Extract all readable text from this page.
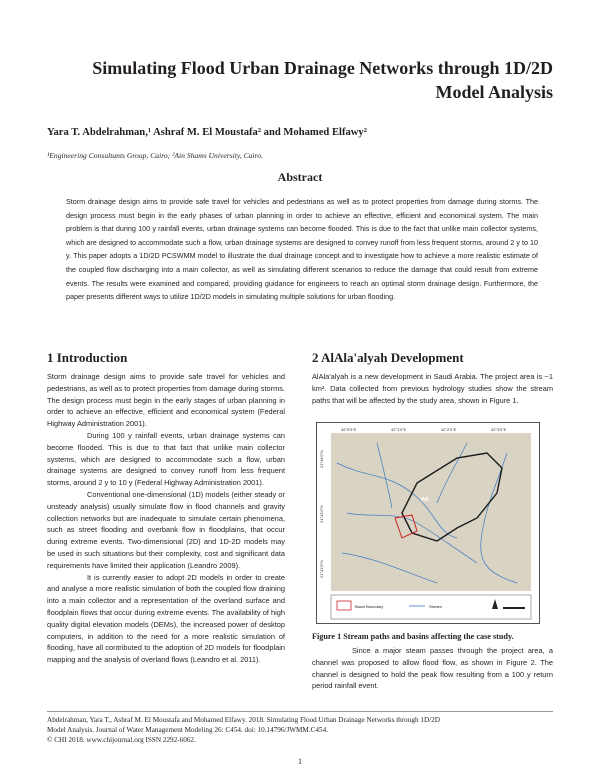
Simulating Flood Urban Drainage Networks through 1D/2D
Model Analysis
Yara T. Abdelrahman,¹ Ashraf M. El Moustafa² and Mohamed Elfawy²
¹Engineering Consultants Group, Cairo; ²Ain Shams University, Cairo.
Abstract
Storm drainage design aims to provide safe travel for vehicles and pedestrians as well as to protect properties from damage during storms. The design process must begin in the early phases of urban planning in order to achieve an effective, efficient and economical system. The main problem is that during 100 y rainfall events, urban drainage systems can become flooded. This is due to the fact that unlike main collector systems, which are designed to accommodate such a flow, urban drainage systems are designed to convey runoff from less frequent storms, around 2 y to 10 y. This paper adopts a 1D/2D PCSWMM model to illustrate the dual drainage concept and to investigate how to achieve a more realistic estimate of the coupled flow discharging into a main collector, as well as simulating different scenarios to reduce the damage that could result from extreme events. The results were examined and compared, providing guidance for engineers to reach an optimal storm drainage design. Furthermore, the paper presents different ways to utilize 1D/2D models in simulating multiple solutions for urban flooding.
1 Introduction

Storm drainage design aims to provide safe travel for vehicles and pedestrians, as well as to protect properties from damage during storms. The design process must begin in the early stages of urban planning in order to achieve an effective, efficient and economical system (Federal Highway Administration 2001).

During 100 y rainfall events, urban drainage systems can become flooded. This is due to that fact that unlike main collector systems, which are designed to accommodate such a flow, urban drainage systems are designed to convey runoff from less frequent storms, around 2 y to 10 y (Federal Highway Administration 2001).

Conventional one-dimensional (1D) models (either steady or unsteady analysis) usually simulate flow in flood channels and gravity collection networks but are inadequate to simulate certain phenomena, such as street flooding and overbank flow in floodplains, that occur during extreme events. Two-dimensional (2D) and 1D-2D models may be used in such situations but their complexity, cost and significant data requirements have limited their application (Leandro 2009).

It is currently easier to adopt 2D models in order to create and analyse a more realistic simulation of both the coupled flow draining into a main collector and a representation of the overland surface and floodplain flows that occur during extreme events. The availability of high quality digital elevation models (DEMs), the increased power of desktop computers, in addition to the need for a more realistic simulation of flooding, have all contributed to the adoption of 2D models for floodplain mapping and the analysis of overland flows (Leandro et al. 2011).

2 AlAla'alyah Development

AlAla'alyah is a new development in Saudi Arabia. The project area is ~1 km². Data collected from previous hydrology studies show the stream paths that will be affected by the study area, shown in Figure 1.

WA
42°0'0"E	42°1'0"E	42°2'0"E	42°3'0"E
21°44'0"N
21°43'0"N
21°42'0"N
Basin Boundary	Stream
Figure 1 Stream paths and basins affecting the case study.

Since a major steam passes through the project area, a channel was proposed to allow flood flow, as shown in Figure 2. The channel is designed to hold the peak flow resulting from a 100 y return period rainfall event.

Abdelrahman, Yara T., Ashraf M. El Moustafa and Mohamed Elfawy. 2018. Simulating Flood Urban Drainage Networks through 1D/2D
Model Analysis. Journal of Water Management Modeling 26: C454. doi: 10.14796/JWMM.C454.
© CHI 2018. www.chijournal.org ISSN 2292-6062.
1
